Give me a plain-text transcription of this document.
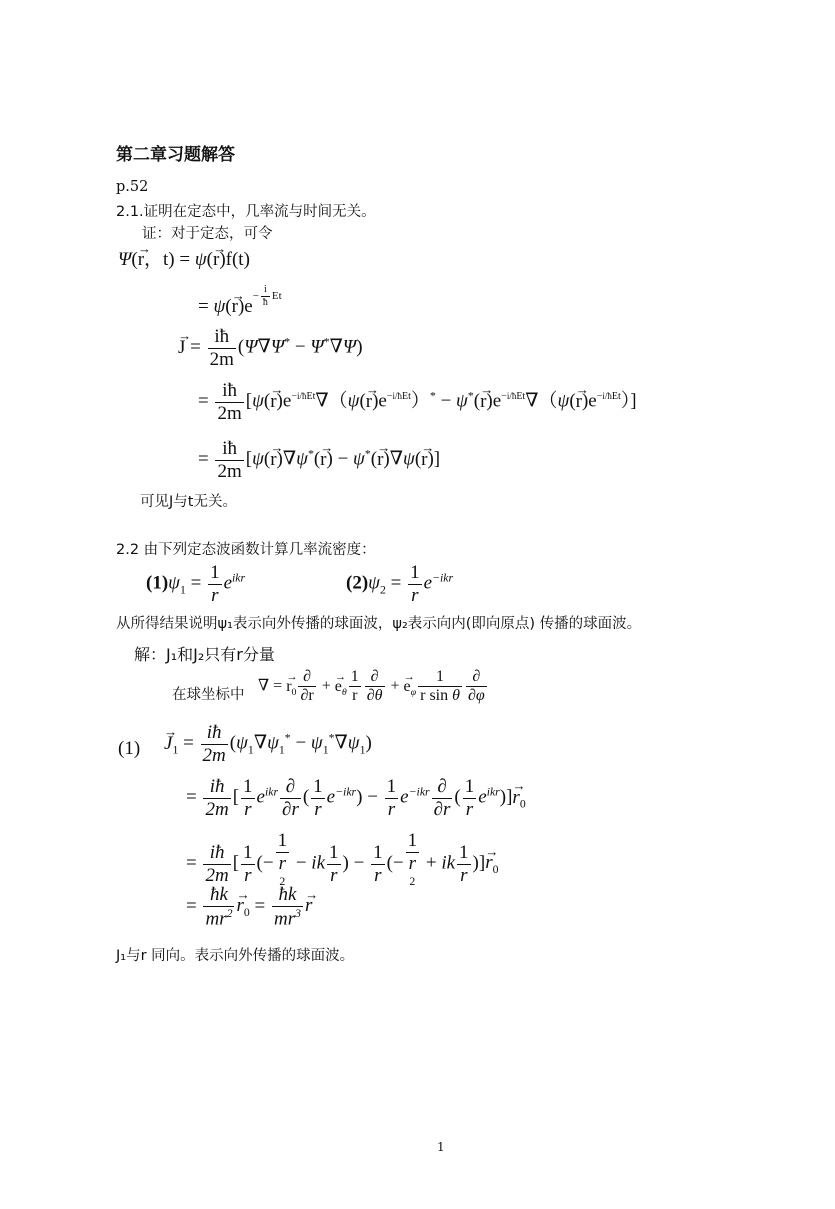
第二章习题解答
p.52
2.1.证明在定态中，几率流与时间无关。
证：对于定态，可令
Ψ(→ r，t) = ψ(→ r)f(t)
= $\psi(\to r)e^{- \frac{i}{ħ} Et}$
→ $J = \frac{iħ}{2m} (\Psi\nabla\Psi^* - \Psi^*\nabla\Psi)$
= $\frac{iħ}{2m} [\psi(\to r)e^{-i/ħEt}\nabla(\psi(\to r)e^{-i/ħEt})^* - \psi^*(\to r)e^{-i/ħEt}\nabla(\psi(\to r)e^{-i/ħEt})]$
= $\frac{iħ}{2m} [\psi(\to r)\nabla\psi^*(\to r) - \psi^*(\to r)\nabla\psi(\to r)]$
可见J与t无关。
2.2 由下列定态波函数计算几率流密度：
$(1)\psi_1 = \frac{1}{r} e^{ikr}$	$(2)\psi_2 = \frac{1}{r} e^{-ikr}$
从所得结果说明ψ₁表示向外传播的球面波，ψ₂表示向内(即向原点) 传播的球面波。
解：J₁和J₂只有r分量
在球坐标中
∇ = → $r_0 \frac{\partial}{\partial r}$ + → $e_\theta \frac{1}{r} \frac{\partial}{\partial\theta}$ + → $e_\varphi \frac{1}{\text{r sin θ}} \frac{\partial}{\partial\varphi}$
(1)
→ $J_1 = \frac{iħ}{2m} (\psi_1\nabla\psi_1^* - \psi_1^*\nabla\psi_1)$
= $\frac{iħ}{2m}$ [ $\frac{1}{r} e^{ikr} \frac{\partial}{\partial r}$ ( $\frac{1}{r} e^{-ikr}) - \frac{1}{r} e^{-ikr} \frac{\partial}{\partial r}$ ( $\frac{1}{r} e^{ikr})]\to r_0$
= $\frac{iħ}{2m}$ [ $\frac{1}{r}$ (−
1
r
$^2$ − ik $\frac{1}{r}$ ) − $\frac{1}{r}$ (−
1
r
$^2$ + ik $\frac{1}{r}$ )]→ $r_0$
= $\frac{ħk}{mr^2}$
→ $r_0 = \frac{ħk}{mr^3}$
→ r
J₁与r 同向。表示向外传播的球面波。
1
